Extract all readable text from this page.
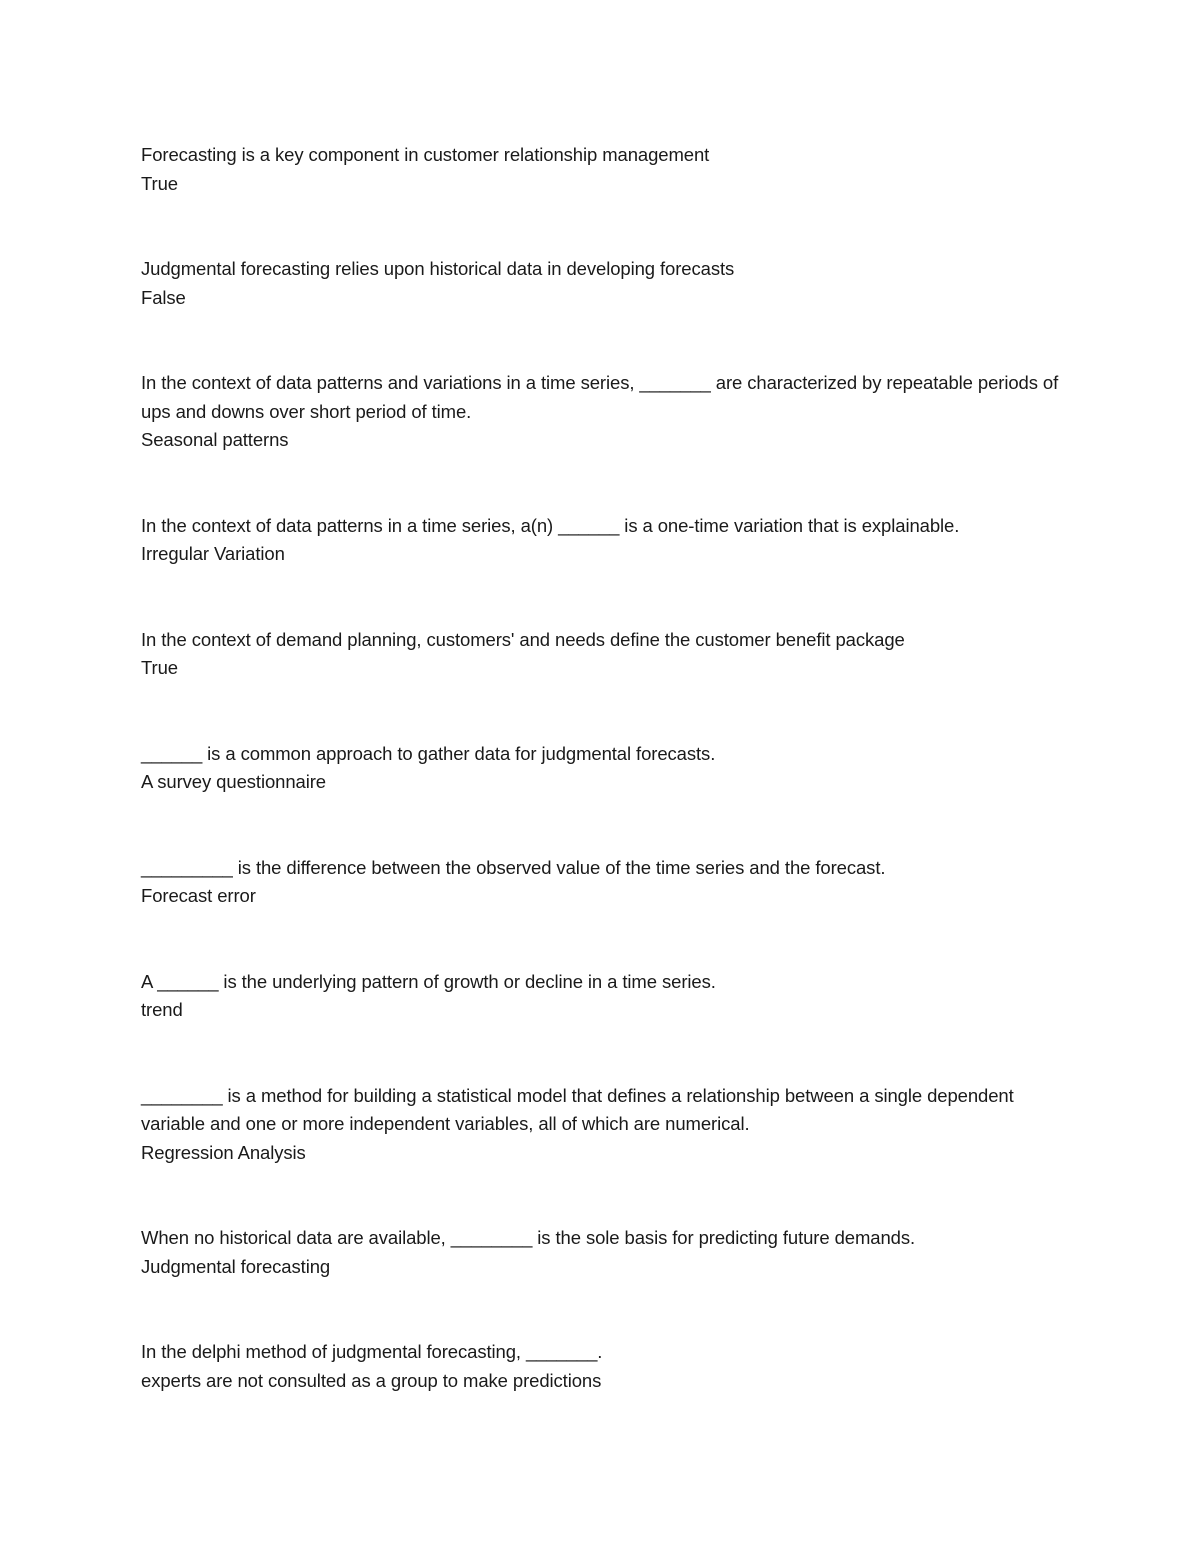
Forecasting is a key component in customer relationship management

True

Judgmental forecasting relies upon historical data in developing forecasts

False

In the context of data patterns and variations in a time series, _______ are characterized by repeatable periods of ups and downs over short period of time.

Seasonal patterns

In the context of data patterns in a time series, a(n) ______ is a one-time variation that is explainable.

Irregular Variation

In the context of demand planning, customers' and needs define the customer benefit package

True

______ is a common approach to gather data for judgmental forecasts.

A survey questionnaire

_________ is the difference between the observed value of the time series and the forecast.

Forecast error

A ______ is the underlying pattern of growth or decline in a time series.

trend

________ is a method for building a statistical model that defines a relationship between a single dependent variable and one or more independent variables, all of which are numerical.

Regression Analysis

When no historical data are available, ________ is the sole basis for predicting future demands.

Judgmental forecasting

In the delphi method of judgmental forecasting, _______.

experts are not consulted as a group to make predictions
